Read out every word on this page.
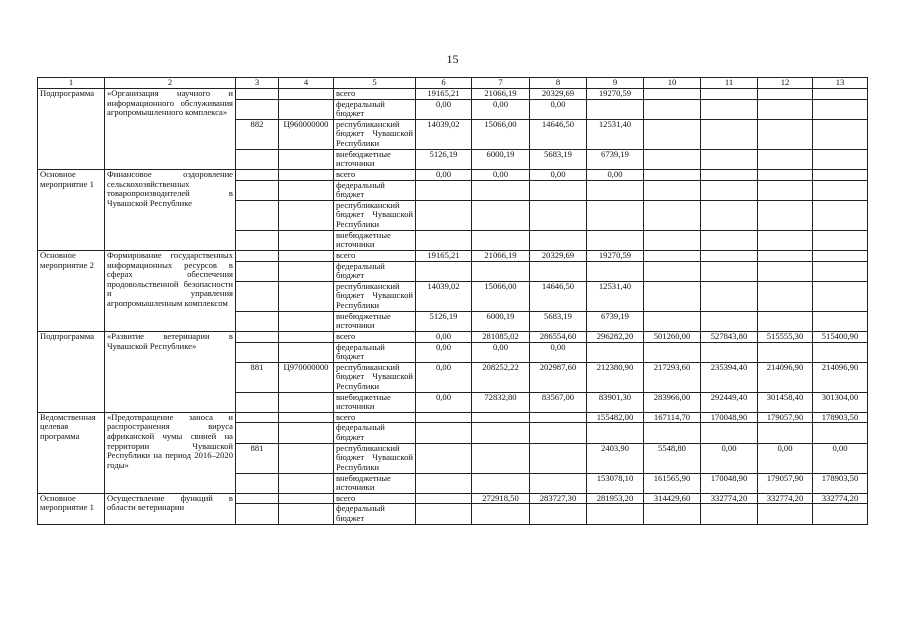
15
1	2	3	4	5	6	7	8	9	10	11	12	13
Подпрограмма	«Организация научного и информационного обслуживания агропромышленного комплекса»			всего	19165,21	21066,19	20329,69	19270,59				
				федеральный бюджет	0,00	0,00	0,00					
		882	Ц960000000	республиканский бюджет Чувашской Республики	14039,02	15066,00	14646,50	12531,40				
				внебюджетные источники	5126,19	6000,19	5683,19	6739,19				
Основное мероприятие 1	Финансовое оздоровление сельскохозяйственных товаропроизводителей в Чувашской Республике			всего	0,00	0,00	0,00	0,00				
				федеральный бюджет								
				республиканский бюджет Чувашской Республики								
				внебюджетные источники								
Основное мероприятие 2	Формирование государственных информационных ресурсов в сферах обеспечения продовольственной безопасности и управления агропромышленным комплексом			всего	19165,21	21066,19	20329,69	19270,59				
				федеральный бюджет								
				республиканский бюджет Чувашской Республики	14039,02	15066,00	14646,50	12531,40				
				внебюджетные источники	5126,19	6000,19	5683,19	6739,19				
Подпрограмма	«Развитие ветеринарии в Чувашской Республике»			всего	0,00	281085,02	286554,60	296282,20	501260,00	527843,80	515555,30	515400,90
				федеральный бюджет	0,00	0,00	0,00					
		881	Ц970000000	республиканский бюджет Чувашской Республики	0,00	208252,22	202987,60	212380,90	217293,60	235394,40	214096,90	214096,90
				внебюджетные источники	0,00	72832,80	83567,00	83901,30	283966,00	292449,40	301458,40	301304,00
Ведомственная целевая программа	«Предотвращение заноса и распространения вируса африканской чумы свиней на территории Чувашской Республики на период 2016–2020 годы»			всего				155482,00	167114,70	170048,90	179057,90	178903,50
				федеральный бюджет								
		881		республиканский бюджет Чувашской Республики				2403,90	5548,80	0,00	0,00	0,00
				внебюджетные источники				153078,10	161565,90	170048,90	179057,90	178903,50
Основное мероприятие 1	Осуществление функций в области ветеринарии			всего		272918,50	283727,30	281953,20	314429,60	332774,20	332774,20	332774,20
				федеральный бюджет								
